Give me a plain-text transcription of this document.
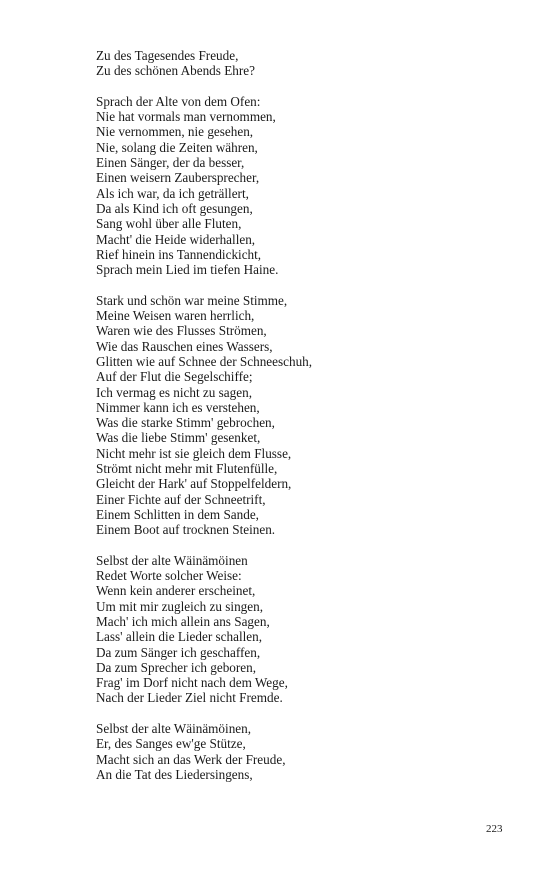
Zu des Tagesendes Freude,
Zu des schönen Abends Ehre?
Sprach der Alte von dem Ofen:
Nie hat vormals man vernommen,
Nie vernommen, nie gesehen,
Nie, solang die Zeiten währen,
Einen Sänger, der da besser,
Einen weisern Zaubersprecher,
Als ich war, da ich geträllert,
Da als Kind ich oft gesungen,
Sang wohl über alle Fluten,
Macht' die Heide widerhallen,
Rief hinein ins Tannendickicht,
Sprach mein Lied im tiefen Haine.
Stark und schön war meine Stimme,
Meine Weisen waren herrlich,
Waren wie des Flusses Strömen,
Wie das Rauschen eines Wassers,
Glitten wie auf Schnee der Schneeschuh,
Auf der Flut die Segelschiffe;
Ich vermag es nicht zu sagen,
Nimmer kann ich es verstehen,
Was die starke Stimm' gebrochen,
Was die liebe Stimm' gesenket,
Nicht mehr ist sie gleich dem Flusse,
Strömt nicht mehr mit Flutenfülle,
Gleicht der Hark' auf Stoppelfeldern,
Einer Fichte auf der Schneetrift,
Einem Schlitten in dem Sande,
Einem Boot auf trocknen Steinen.
Selbst der alte Wäinämöinen
Redet Worte solcher Weise:
Wenn kein anderer erscheinet,
Um mit mir zugleich zu singen,
Mach' ich mich allein ans Sagen,
Lass' allein die Lieder schallen,
Da zum Sänger ich geschaffen,
Da zum Sprecher ich geboren,
Frag' im Dorf nicht nach dem Wege,
Nach der Lieder Ziel nicht Fremde.
Selbst der alte Wäinämöinen,
Er, des Sanges ew'ge Stütze,
Macht sich an das Werk der Freude,
An die Tat des Liedersingens,
223
